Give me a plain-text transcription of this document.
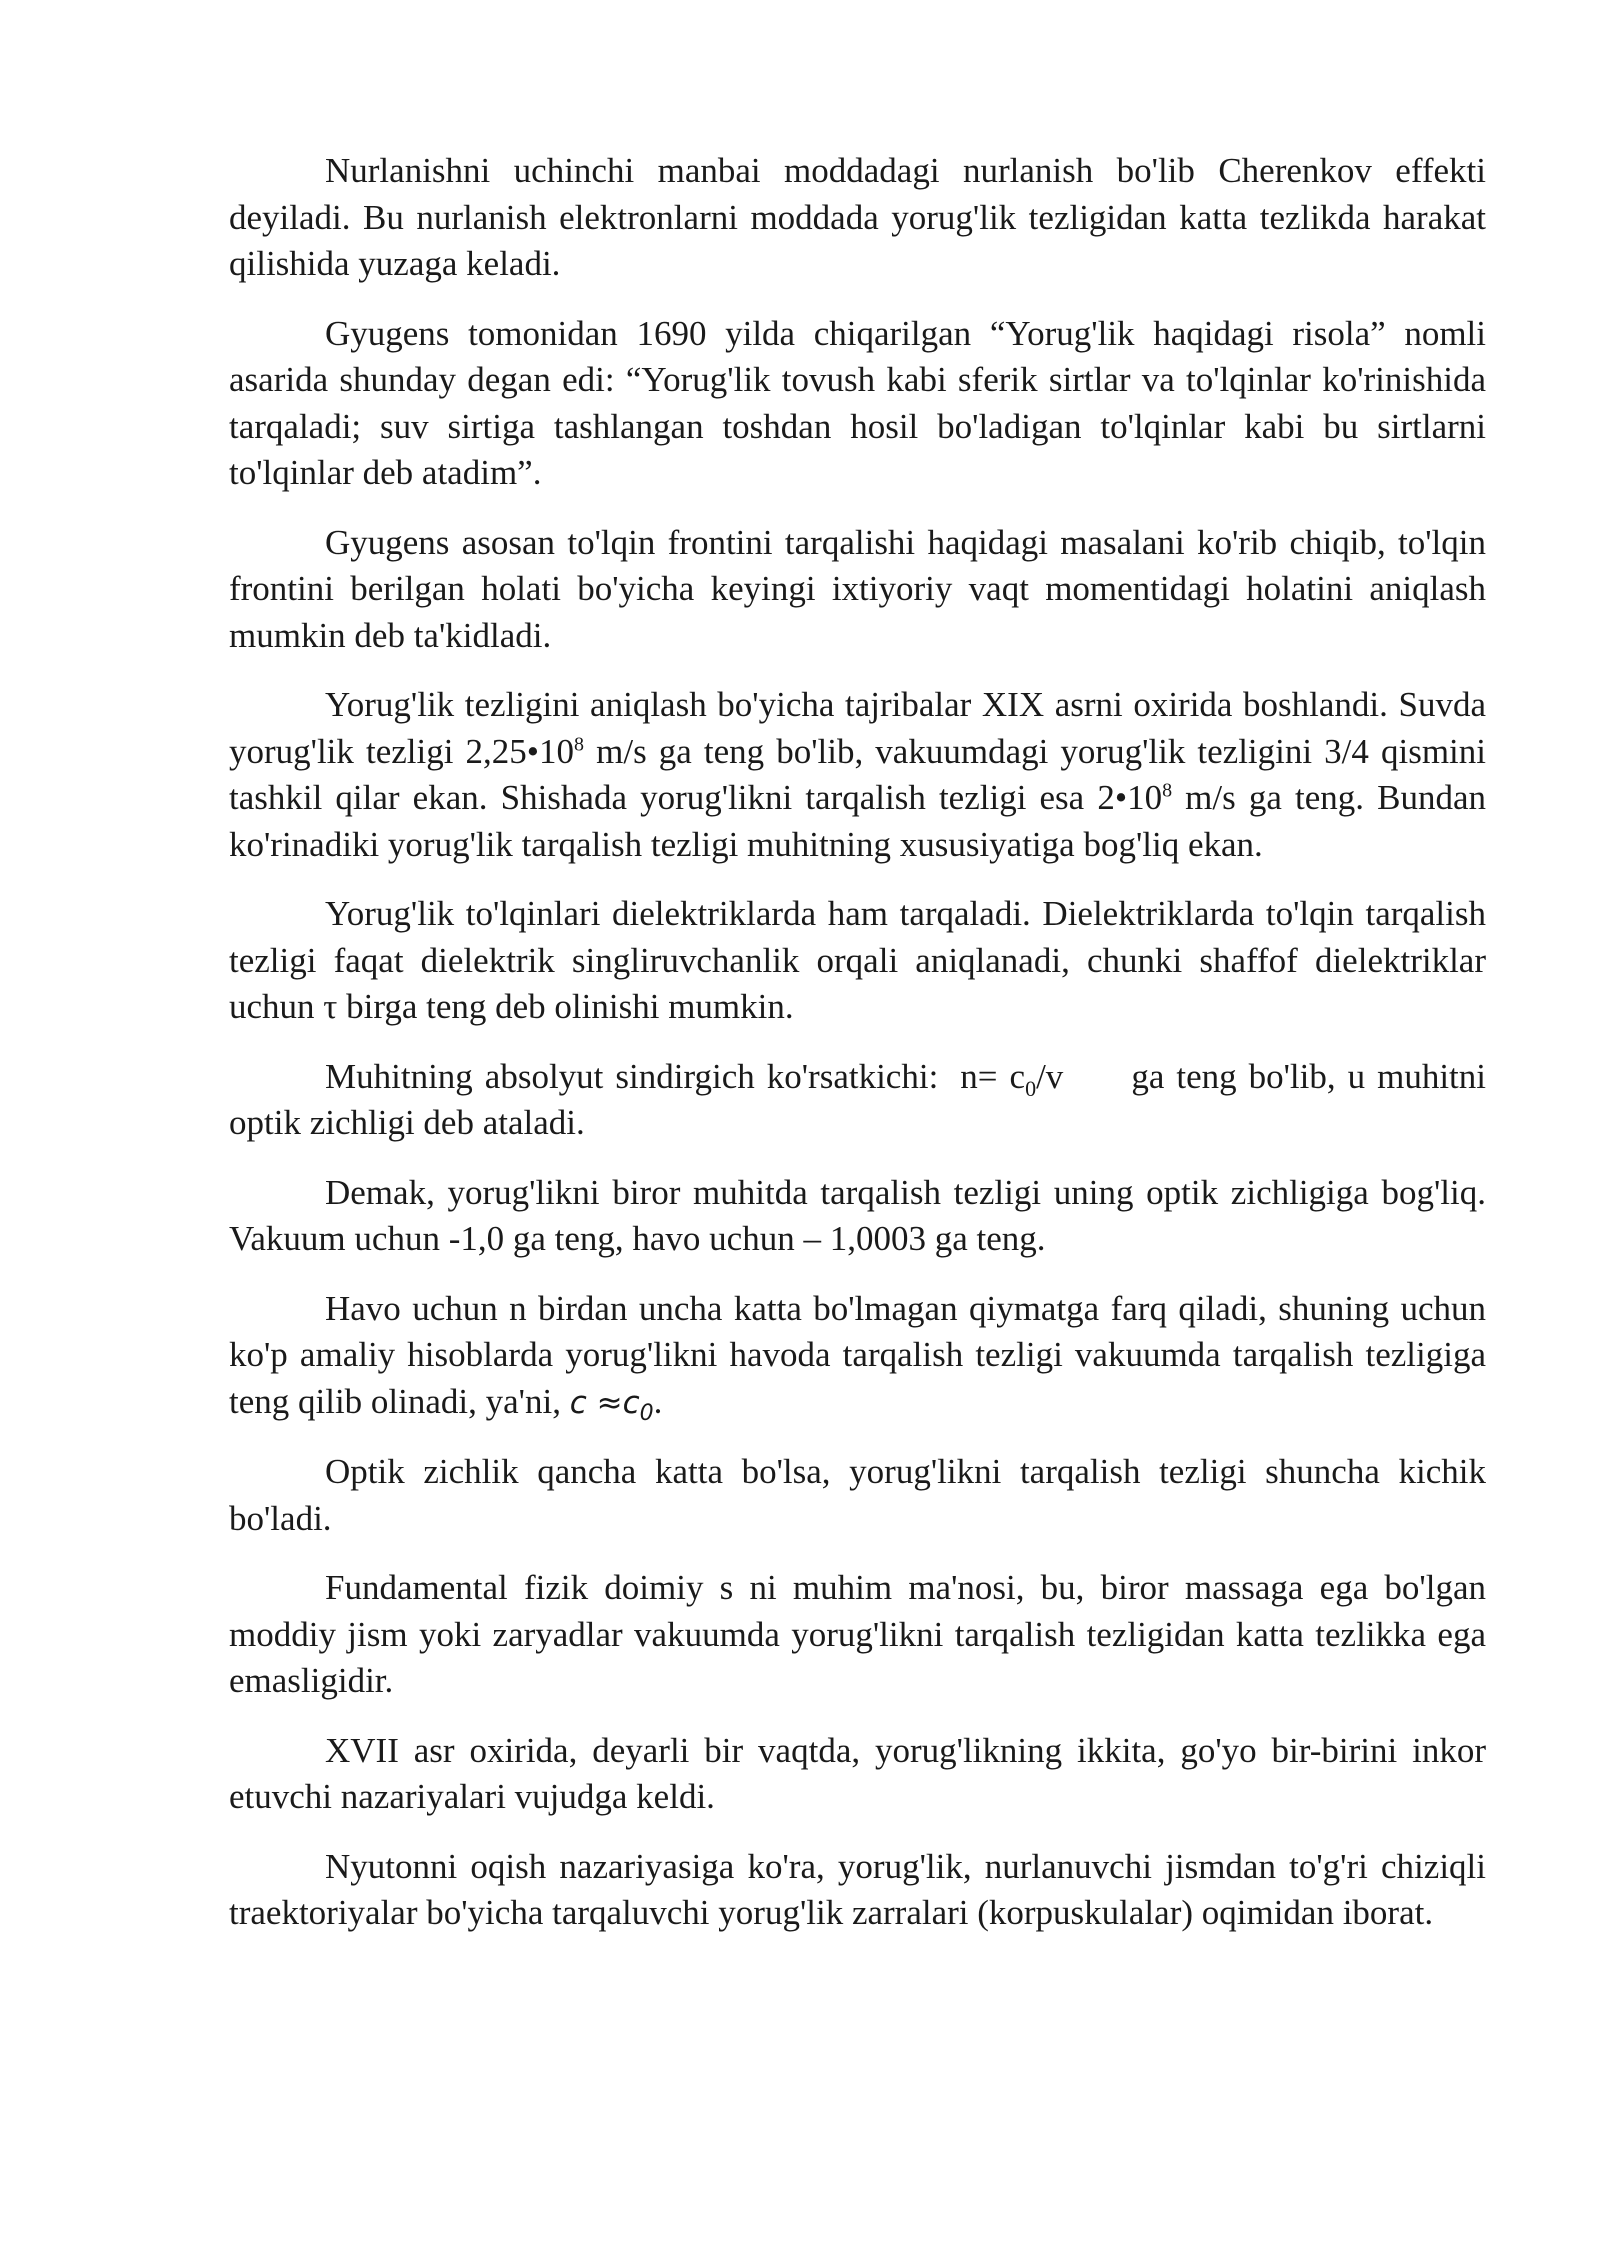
Nurlanishni uchinchi manbai moddadagi nurlanish bo'lib Cherenkov effekti deyiladi. Bu nurlanish elektronlarni moddada yorug'lik tezligidan katta tezlikda harakat qilishida yuzaga keladi.

Gyugens tomonidan 1690 yilda chiqarilgan “Yorug'lik haqidagi risola” nomli asarida shunday degan edi: “Yorug'lik tovush kabi sferik sirtlar va to'lqinlar ko'rinishida tarqaladi; suv sirtiga tashlangan toshdan hosil bo'ladigan to'lqinlar kabi bu sirtlarni to'lqinlar deb atadim”.

Gyugens asosan to'lqin frontini tarqalishi haqidagi masalani ko'rib chiqib, to'lqin frontini berilgan holati bo'yicha keyingi ixtiyoriy vaqt momentidagi holatini aniqlash mumkin deb ta'kidladi.

Yorug'lik tezligini aniqlash bo'yicha tajribalar XIX asrni oxirida boshlandi. Suvda yorug'lik tezligi $2,25•10^8$ m/s ga teng bo'lib, vakuumdagi yorug'lik tezligini 3/4 qismini tashkil qilar ekan. Shishada yorug'likni tarqalish tezligi esa $2•10^8$ m/s ga teng. Bundan ko'rinadiki yorug'lik tarqalish tezligi muhitning xususiyatiga bog'liq ekan.

Yorug'lik to'lqinlari dielektriklarda ham tarqaladi. Dielektriklarda to'lqin tarqalish tezligi faqat dielektrik singliruvchanlik orqali aniqlanadi, chunki shaffof dielektriklar uchun τ birga teng deb olinishi mumkin.

Muhitning absolyut sindirgich ko'rsatkichi: $n= c_0/v$ ga teng bo'lib, u muhitni optik zichligi deb ataladi.

Demak, yorug'likni biror muhitda tarqalish tezligi uning optik zichligiga bog'liq. Vakuum uchun -1,0 ga teng, havo uchun – 1,0003 ga teng.

Havo uchun n birdan uncha katta bo'lmagan qiymatga farq qiladi, shuning uchun ko'p amaliy hisoblarda yorug'likni havoda tarqalish tezligi vakuumda tarqalish tezligiga teng qilib olinadi, ya'ni, $c \approx c_0$.

Optik zichlik qancha katta bo'lsa, yorug'likni tarqalish tezligi shuncha kichik bo'ladi.

Fundamental fizik doimiy s ni muhim ma'nosi, bu, biror massaga ega bo'lgan moddiy jism yoki zaryadlar vakuumda yorug'likni tarqalish tezligidan katta tezlikka ega emasligidir.

XVII asr oxirida, deyarli bir vaqtda, yorug'likning ikkita, go'yo bir-birini inkor etuvchi nazariyalari vujudga keldi.

Nyutonni oqish nazariyasiga ko'ra, yorug'lik, nurlanuvchi jismdan to'g'ri chiziqli traektoriyalar bo'yicha tarqaluvchi yorug'lik zarralari (korpuskulalar) oqimidan iborat.
